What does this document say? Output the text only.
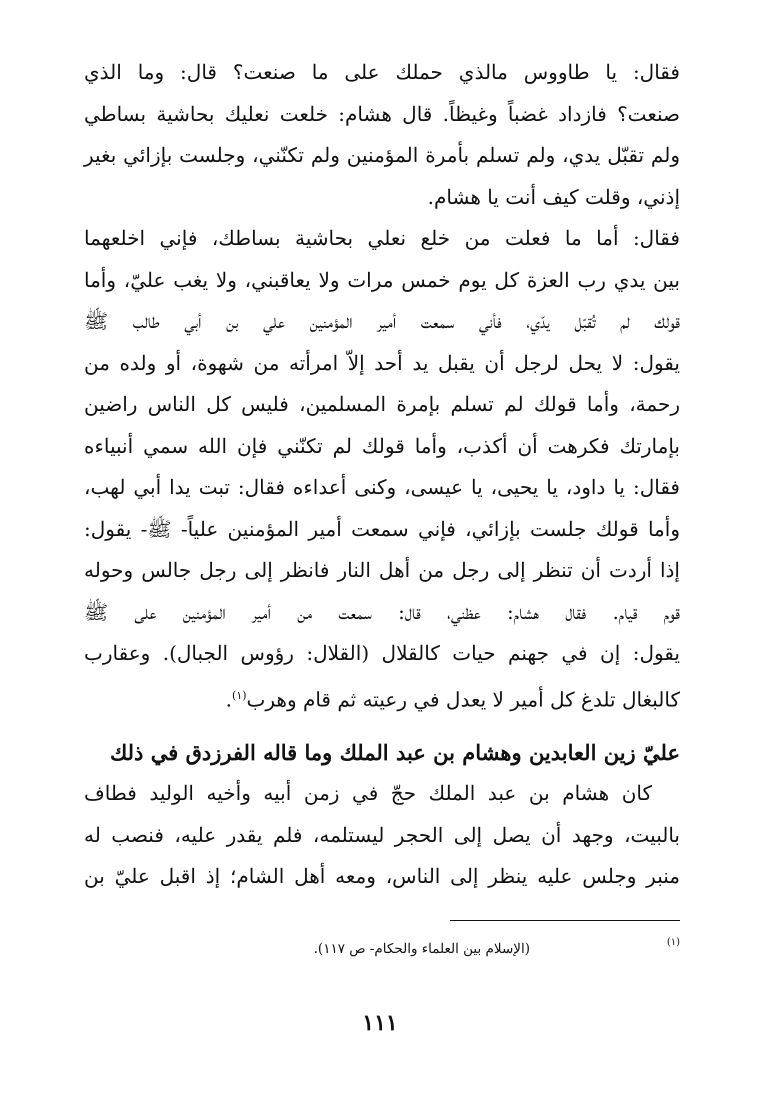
فقال: يا طاووس مالذي حملك على ما صنعت؟ قال: وما الذي
صنعت؟ فازداد غضباً وغيظاً. قال هشام: خلعت نعليك بحاشية بساطي
ولم تقبّل يدي، ولم تسلم بأمرة المؤمنين ولم تكنّني، وجلست بإزائي بغير
إذني، وقلت كيف أنت يا هشام.
فقال: أما ما فعلت من خلع نعلي بحاشية بساطك، فإني اخلعهما
بين يدي رب العزة كل يوم خمس مرات ولا يعاقبني، ولا يغب عليّ، وأما
قولك لم تُقبّل يدّي، فأني سمعت أمير المؤمنين علي بن أبي طالب ﷺ
يقول: لا يحل لرجل أن يقبل يد أحد إلاّ امرأته من شهوة، أو ولده من
رحمة، وأما قولك لم تسلم بإمرة المسلمين، فليس كل الناس راضين
بإمارتك فكرهت أن أكذب، وأما قولك لم تكنّني فإن الله سمي أنبياءه
فقال: يا داود، يا يحيى، يا عيسى، وكنى أعداءه فقال: تبت يدا أبي لهب،
وأما قولك جلست بإزائي، فإني سمعت أمير المؤمنين علياً- ﷺ- يقول:
إذا أردت أن تنظر إلى رجل من أهل النار فانظر إلى رجل جالس وحوله
قوم قيام. فقال هشام: عظني، قال: سمعت من أمير المؤمنين على ﷺ
يقول: إن في جهنم حيات كالقلال (القلال: رؤوس الجبال). وعقارب
كالبغال تلدغ كل أمير لا يعدل في رعيته ثم قام وهرب$^{(١)}$.
عليّ زين العابدين وهشام بن عبد الملك وما قاله الفرزدق في ذلك
كان هشام بن عبد الملك حجّ في زمن أبيه وأخيه الوليد فطاف
بالبيت، وجهد أن يصل إلى الحجر ليستلمه، فلم يقدر عليه، فنصب له
منبر وجلس عليه ينظر إلى الناس، ومعه أهل الشام؛ إذ اقبل عليّ بن
(١)
(الإسلام بين العلماء والحكام- ص ١١٧).
١١١
